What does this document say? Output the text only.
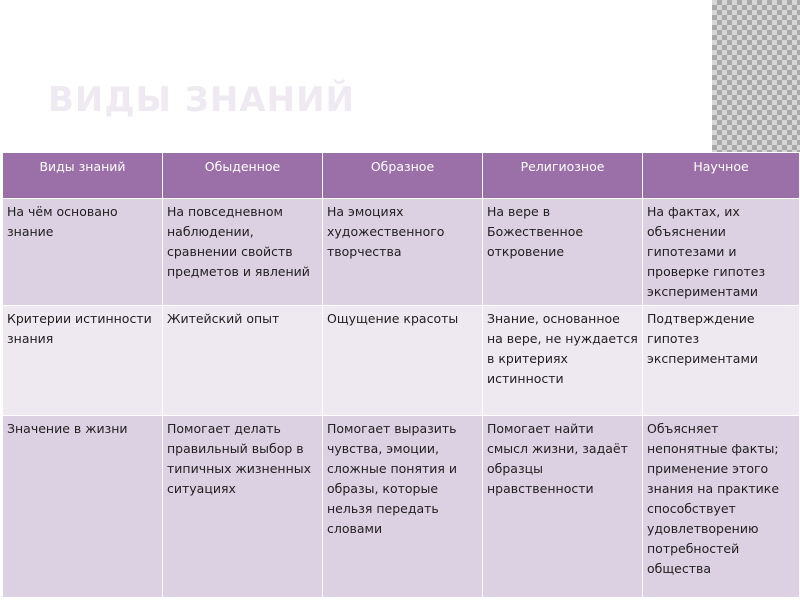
ВИДЫ ЗНАНИЙ
Виды знаний	Обыденное	Образное	Религиозное	Научное
На чём основано знание	На повседневном наблюдении, сравнении свойств предметов и явлений	На эмоциях художественного творчества	На вере в Божественное откровение	На фактах, их объяснении гипотезами и проверке гипотез экспериментами
Критерии истинности знания	Житейский опыт	Ощущение красоты	Знание, основанное на вере, не нуждается в критериях истинности	Подтверждение гипотез экспериментами
Значение в жизни	Помогает делать правильный выбор в типичных жизненных ситуациях	Помогает выразить чувства, эмоции, сложные понятия и образы, которые нельзя передать словами	Помогает найти смысл жизни, задаёт образцы нравственности	Объясняет непонятные факты; применение этого знания на практике способствует удовлетворению потребностей общества
